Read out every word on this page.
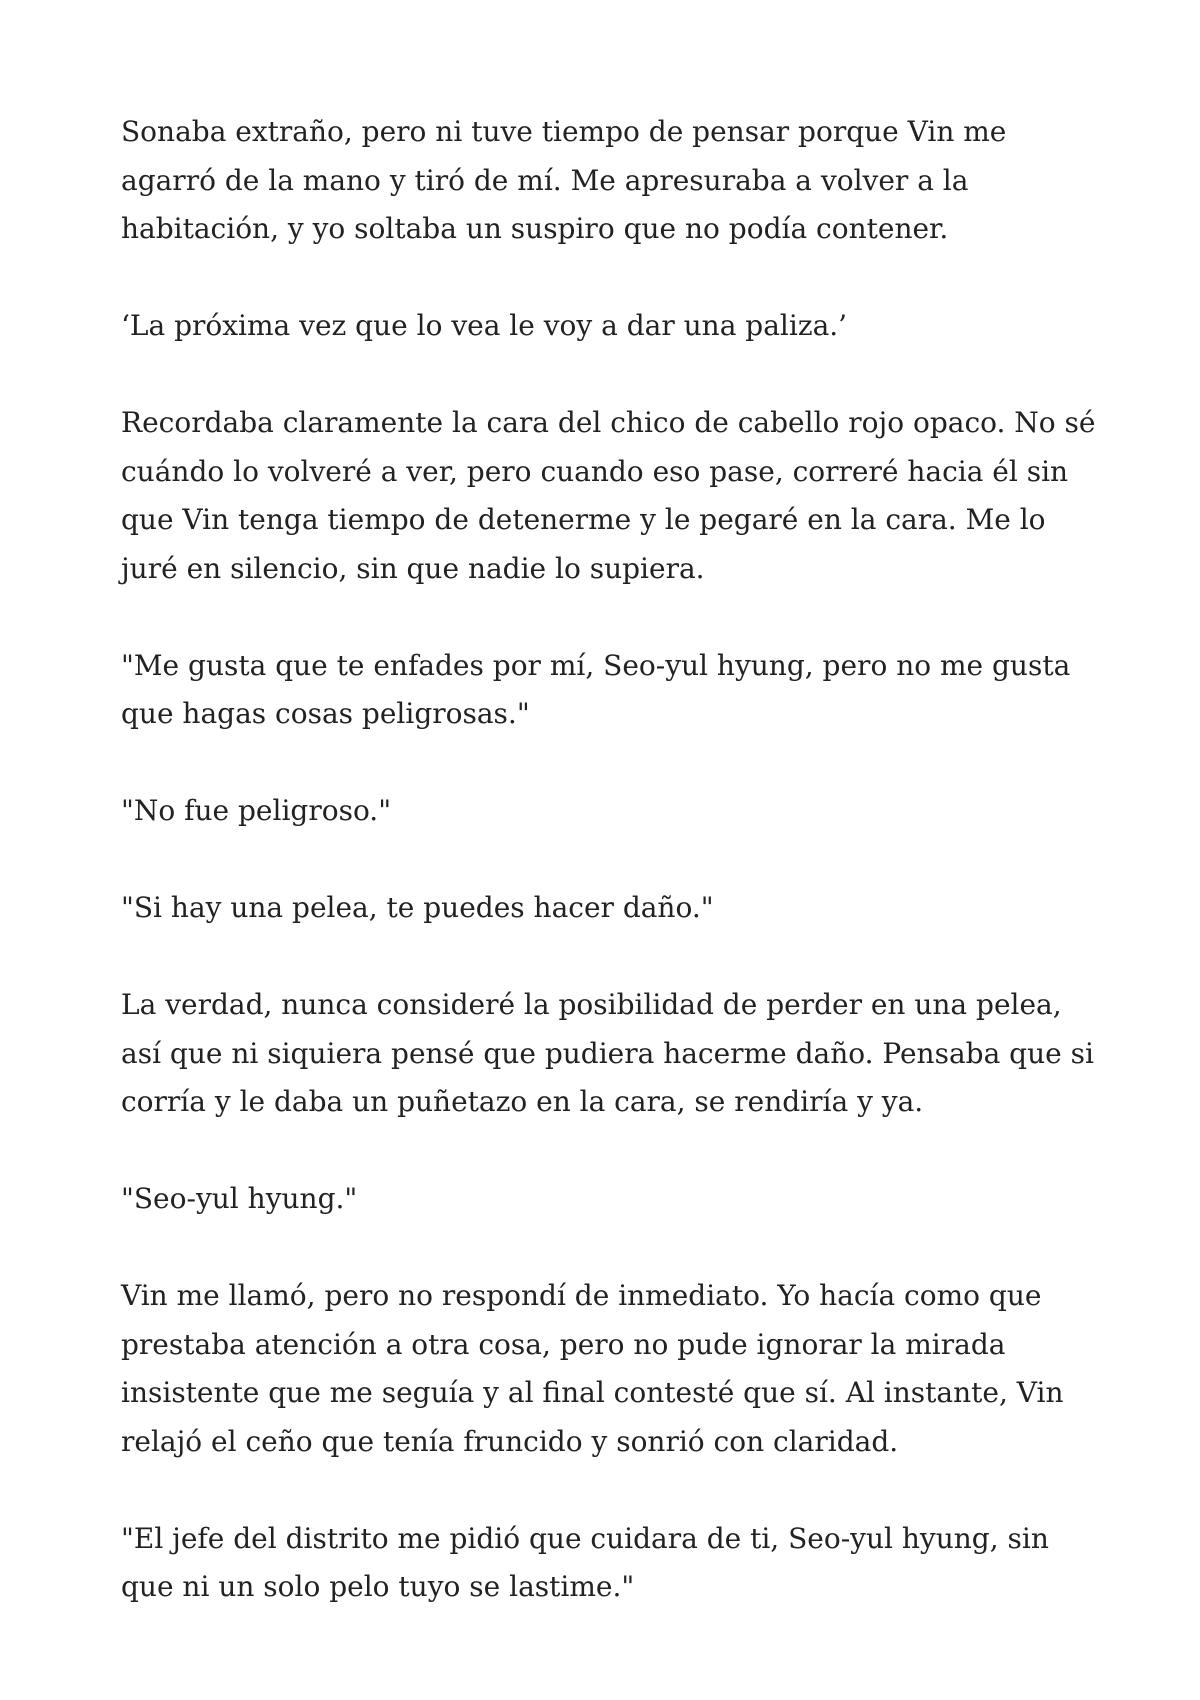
Sonaba extraño, pero ni tuve tiempo de pensar porque Vin me agarró de la mano y tiró de mí. Me apresuraba a volver a la habitación, y yo soltaba un suspiro que no podía contener.

‘La próxima vez que lo vea le voy a dar una paliza.’

Recordaba claramente la cara del chico de cabello rojo opaco. No sé cuándo lo volveré a ver, pero cuando eso pase, correré hacia él sin que Vin tenga tiempo de detenerme y le pegaré en la cara. Me lo juré en silencio, sin que nadie lo supiera.

"Me gusta que te enfades por mí, Seo-yul hyung, pero no me gusta que hagas cosas peligrosas."

"No fue peligroso."

"Si hay una pelea, te puedes hacer daño."

La verdad, nunca consideré la posibilidad de perder en una pelea, así que ni siquiera pensé que pudiera hacerme daño. Pensaba que si corría y le daba un puñetazo en la cara, se rendiría y ya.

"Seo-yul hyung."

Vin me llamó, pero no respondí de inmediato. Yo hacía como que prestaba atención a otra cosa, pero no pude ignorar la mirada insistente que me seguía y al final contesté que sí. Al instante, Vin relajó el ceño que tenía fruncido y sonrió con claridad.

"El jefe del distrito me pidió que cuidara de ti, Seo-yul hyung, sin que ni un solo pelo tuyo se lastime."
